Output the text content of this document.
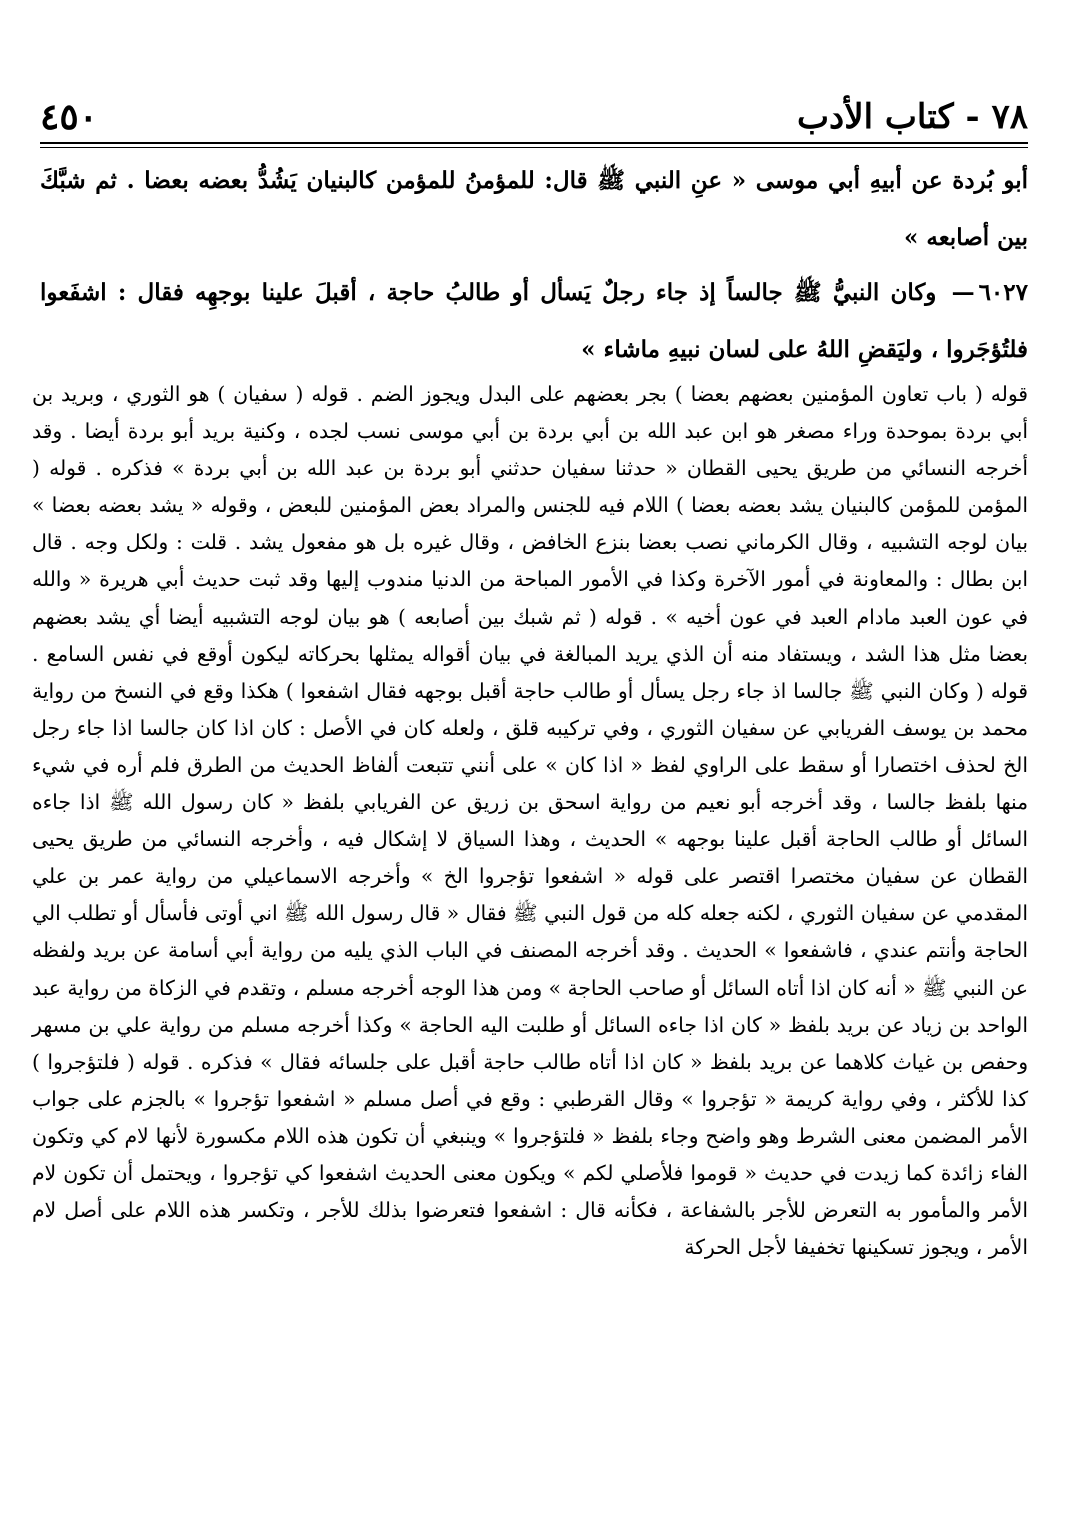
٤٥٠	٧٨ - كتاب الأدب

أبو بُردة عن أبيهِ أبي موسى « عنِ النبي ﷺ قال: للمؤمنُ للمؤمن كالبنيان يَشُدُّ بعضه بعضا . ثم شبَّكَ بين أصابعه »

٦٠٢٧— وكان النبيُّ ﷺ جالساً إذ جاء رجلٌ يَسأل أو طالبُ حاجة ، أقبلَ علينا بوجهِه فقال : اشفَعوا فلتُؤجَروا ، وليَقضِ اللهُ على لسان نبيهِ ماشاء »

قوله ( باب تعاون المؤمنين بعضهم بعضا ) بجر بعضهم على البدل ويجوز الضم . قوله ( سفيان ) هو الثوري ، وبريد بن أبي بردة بموحدة وراء مصغر هو ابن عبد الله بن أبي بردة بن أبي موسى نسب لجده ، وكنية بريد أبو بردة أيضا . وقد أخرجه النسائي من طريق يحيى القطان « حدثنا سفيان حدثني أبو بردة بن عبد الله بن أبي بردة » فذكره . قوله ( المؤمن للمؤمن كالبنيان يشد بعضه بعضا ) اللام فيه للجنس والمراد بعض المؤمنين للبعض ، وقوله « يشد بعضه بعضا » بيان لوجه التشبيه ، وقال الكرماني نصب بعضا بنزع الخافض ، وقال غيره بل هو مفعول يشد . قلت : ولكل وجه . قال ابن بطال : والمعاونة في أمور الآخرة وكذا في الأمور المباحة من الدنيا مندوب إليها وقد ثبت حديث أبي هريرة « والله في عون العبد مادام العبد في عون أخيه » . قوله ( ثم شبك بين أصابعه ) هو بيان لوجه التشبيه أيضا أي يشد بعضهم بعضا مثل هذا الشد ، ويستفاد منه أن الذي يريد المبالغة في بيان أقواله يمثلها بحركاته ليكون أوقع في نفس السامع . قوله ( وكان النبي ﷺ جالسا اذ جاء رجل يسأل أو طالب حاجة أقبل بوجهه فقال اشفعوا ) هكذا وقع في النسخ من رواية محمد بن يوسف الفريابي عن سفيان الثوري ، وفي تركيبه قلق ، ولعله كان في الأصل : كان اذا كان جالسا اذا جاء رجل الخ لحذف اختصارا أو سقط على الراوي لفظ « اذا كان » على أنني تتبعت ألفاظ الحديث من الطرق فلم أره في شيء منها بلفظ جالسا ، وقد أخرجه أبو نعيم من رواية اسحق بن زريق عن الفريابي بلفظ « كان رسول الله ﷺ اذا جاءه السائل أو طالب الحاجة أقبل علينا بوجهه » الحديث ، وهذا السياق لا إشكال فيه ، وأخرجه النسائي من طريق يحيى القطان عن سفيان مختصرا اقتصر على قوله « اشفعوا تؤجروا الخ » وأخرجه الاسماعيلي من رواية عمر بن علي المقدمي عن سفيان الثوري ، لكنه جعله كله من قول النبي ﷺ فقال « قال رسول الله ﷺ اني أوتى فأسأل أو تطلب الي الحاجة وأنتم عندي ، فاشفعوا » الحديث . وقد أخرجه المصنف في الباب الذي يليه من رواية أبي أسامة عن بريد ولفظه عن النبي ﷺ « أنه كان اذا أتاه السائل أو صاحب الحاجة » ومن هذا الوجه أخرجه مسلم ، وتقدم في الزكاة من رواية عبد الواحد بن زياد عن بريد بلفظ « كان اذا جاءه السائل أو طلبت اليه الحاجة » وكذا أخرجه مسلم من رواية علي بن مسهر وحفص بن غياث كلاهما عن بريد بلفظ « كان اذا أتاه طالب حاجة أقبل على جلسائه فقال » فذكره . قوله ( فلتؤجروا ) كذا للأكثر ، وفي رواية كريمة « تؤجروا » وقال القرطبي : وقع في أصل مسلم « اشفعوا تؤجروا » بالجزم على جواب الأمر المضمن معنى الشرط وهو واضح وجاء بلفظ « فلتؤجروا » وينبغي أن تكون هذه اللام مكسورة لأنها لام كي وتكون الفاء زائدة كما زيدت في حديث « قوموا فلأصلي لكم » ويكون معنى الحديث اشفعوا كي تؤجروا ، ويحتمل أن تكون لام الأمر والمأمور به التعرض للأجر بالشفاعة ، فكأنه قال : اشفعوا فتعرضوا بذلك للأجر ، وتكسر هذه اللام على أصل لام الأمر ، ويجوز تسكينها تخفيفا لأجل الحركة
